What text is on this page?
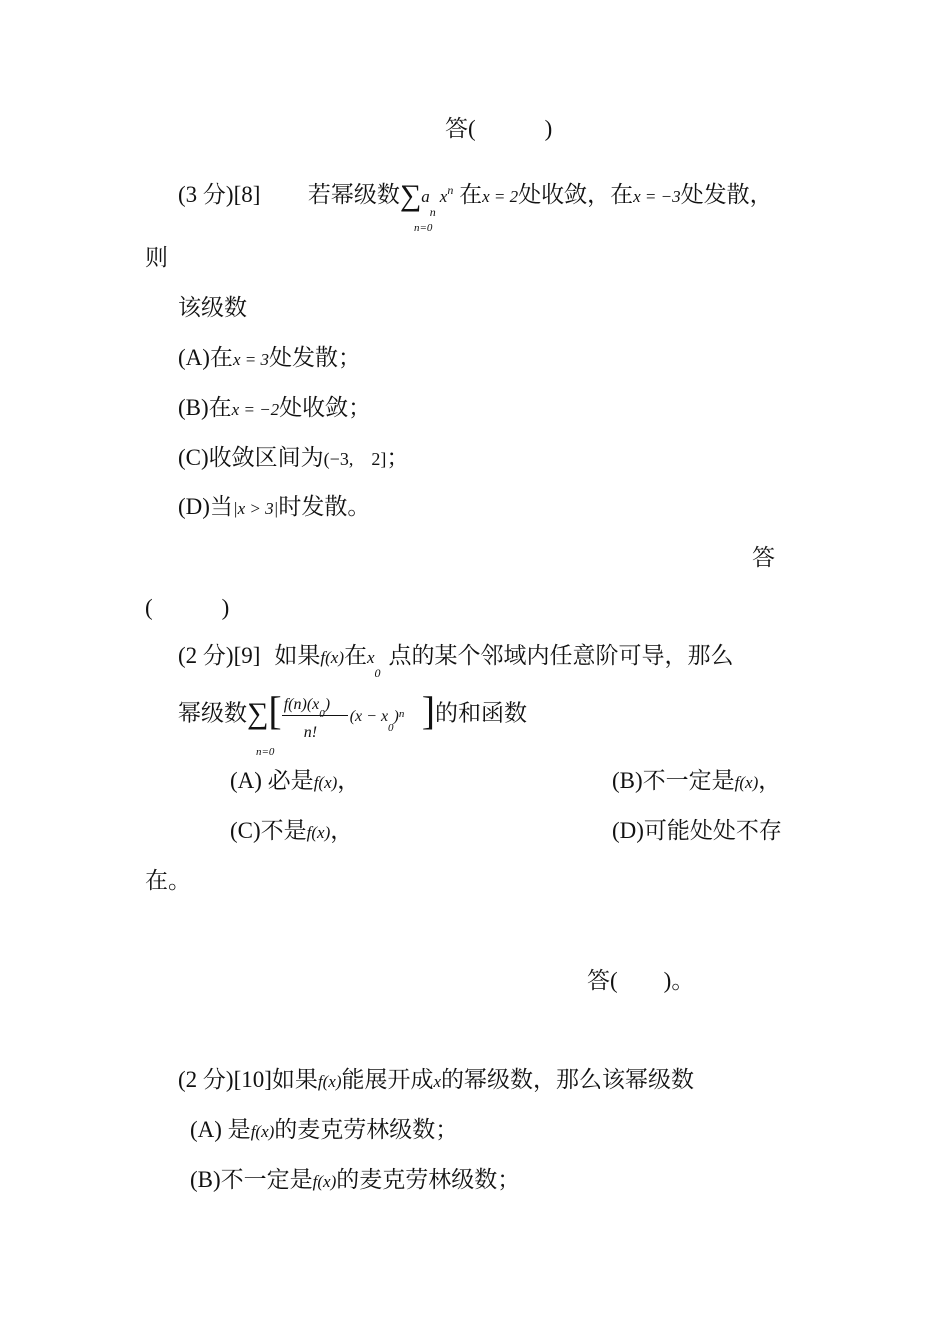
答(　　　)
(3 分)[8] 若幂级数$\sum a_nx^n$ 在x = 2处收敛，在x = −3处发散，
n=0
则
该级数
(A)在x = 3处发散；
(B)在x = −2处收敛；
(C)收敛区间为(−3,　2]；
(D)当|x > 3|时发散。
答
(　　　)
(2 分)[9] 如果f(x)在$x_0$点的某个邻域内任意阶可导，那么
幂级数∑[ $f(n)(x_0)$
n!
$(x - x_0)^n$ ]的和函数
n=0
(A) 必是f(x)，	(B)不一定是f(x)，
(C)不是f(x)，	(D)可能处处不存
在。
答(　　)。
(2 分)[10]如果f(x)能展开成x的幂级数，那么该幂级数
(A) 是f(x)的麦克劳林级数；
(B)不一定是f(x)的麦克劳林级数；
